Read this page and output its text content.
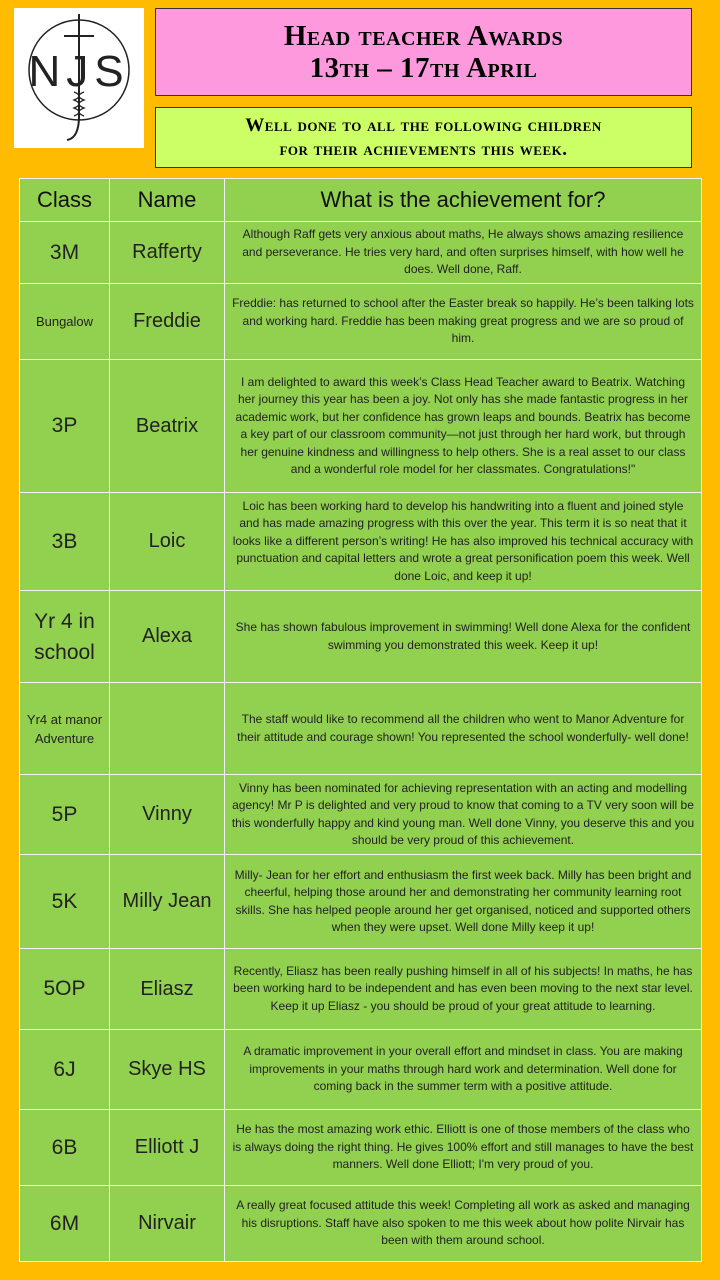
NJS
Head teacher Awards
13th – 17th April
Well done to all the following children
for their achievements this week.
Class	Name	What is the achievement for?
3M	Rafferty	Although Raff gets very anxious about maths, He always shows amazing resilience and perseverance. He tries very hard, and often surprises himself, with how well he does. Well done, Raff.
Bungalow	Freddie	Freddie: has returned to school after the Easter break so happily. He’s been talking lots and working hard. Freddie has been making great progress and we are so proud of him.
3P	Beatrix	I am delighted to award this week’s Class Head Teacher award to Beatrix. Watching her journey this year has been a joy. Not only has she made fantastic progress in her academic work, but her confidence has grown leaps and bounds. Beatrix has become a key part of our classroom community—not just through her hard work, but through her genuine kindness and willingness to help others. She is a real asset to our class and a wonderful role model for her classmates. Congratulations!"
3B	Loic	Loic has been working hard to develop his handwriting into a fluent and joined style and has made amazing progress with this over the year. This term it is so neat that it looks like a different person’s writing! He has also improved his technical accuracy with punctuation and capital letters and wrote a great personification poem this week. Well done Loic, and keep it up!
Yr 4 in school	Alexa	She has shown fabulous improvement in swimming! Well done Alexa for the confident swimming you demonstrated this week. Keep it up!
Yr4 at manor Adventure		The staff would like to recommend all the children who went to Manor Adventure for their attitude and courage shown! You represented the school wonderfully- well done!
5P	Vinny	Vinny has been nominated for achieving representation with an acting and modelling agency! Mr P is delighted and very proud to know that coming to a TV very soon will be this wonderfully happy and kind young man. Well done Vinny, you deserve this and you should be very proud of this achievement.
5K	Milly Jean	Milly- Jean for her effort and enthusiasm the first week back. Milly has been bright and cheerful, helping those around her and demonstrating her community learning root skills. She has helped people around her get organised, noticed and supported others when they were upset. Well done Milly keep it up!
5OP	Eliasz	Recently, Eliasz has been really pushing himself in all of his subjects! In maths, he has been working hard to be independent and has even been moving to the next star level. Keep it up Eliasz - you should be proud of your great attitude to learning.
6J	Skye HS	A dramatic improvement in your overall effort and mindset in class. You are making improvements in your maths through hard work and determination. Well done for coming back in the summer term with a positive attitude.
6B	Elliott J	He has the most amazing work ethic. Elliott is one of those members of the class who is always doing the right thing. He gives 100% effort and still manages to have the best manners. Well done Elliott; I'm very proud of you.
6M	Nirvair	A really great focused attitude this week! Completing all work as asked and managing his disruptions. Staff have also spoken to me this week about how polite Nirvair has been with them around school.
